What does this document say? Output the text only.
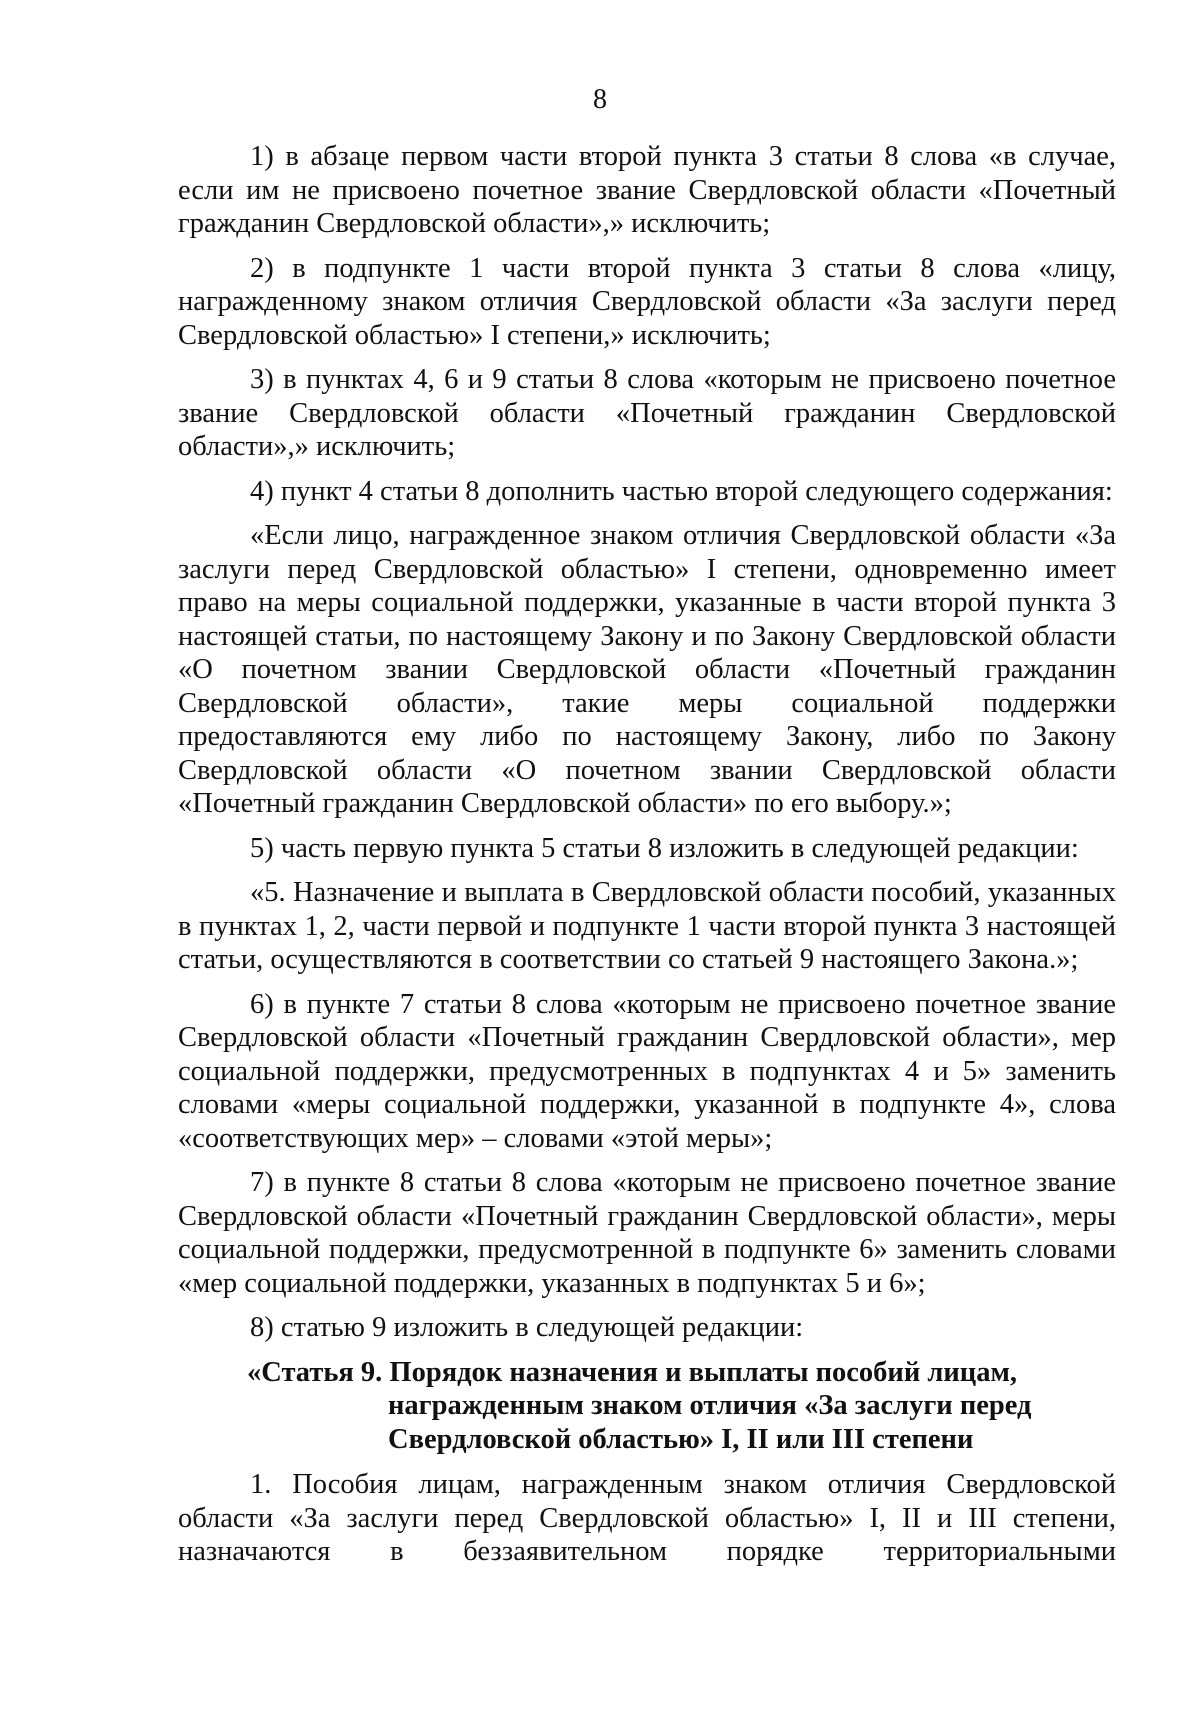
8

1) в абзаце первом части второй пункта 3 статьи 8 слова «в случае, если им не присвоено почетное звание Свердловской области «Почетный гражданин Свердловской области»,» исключить;

2) в подпункте 1 части второй пункта 3 статьи 8 слова «лицу, награжденному знаком отличия Свердловской области «За заслуги перед Свердловской областью» I степени,» исключить;

3) в пунктах 4, 6 и 9 статьи 8 слова «которым не присвоено почетное звание Свердловской области «Почетный гражданин Свердловской области»,» исключить;

4) пункт 4 статьи 8 дополнить частью второй следующего содержания:

«Если лицо, награжденное знаком отличия Свердловской области «За заслуги перед Свердловской областью» I степени, одновременно имеет право на меры социальной поддержки, указанные в части второй пункта 3 настоящей статьи, по настоящему Закону и по Закону Свердловской области «О почетном звании Свердловской области «Почетный гражданин Свердловской области», такие меры социальной поддержки предоставляются ему либо по настоящему Закону, либо по Закону Свердловской области «О почетном звании Свердловской области «Почетный гражданин Свердловской области» по его выбору.»;

5) часть первую пункта 5 статьи 8 изложить в следующей редакции:

«5. Назначение и выплата в Свердловской области пособий, указанных в пунктах 1, 2, части первой и подпункте 1 части второй пункта 3 настоящей статьи, осуществляются в соответствии со статьей 9 настоящего Закона.»;

6) в пункте 7 статьи 8 слова «которым не присвоено почетное звание Свердловской области «Почетный гражданин Свердловской области», мер социальной поддержки, предусмотренных в подпунктах 4 и 5» заменить словами «меры социальной поддержки, указанной в подпункте 4», слова «соответствующих мер» – словами «этой меры»;

7) в пункте 8 статьи 8 слова «которым не присвоено почетное звание Свердловской области «Почетный гражданин Свердловской области», меры социальной поддержки, предусмотренной в подпункте 6» заменить словами «мер социальной поддержки, указанных в подпунктах 5 и 6»;

8) статью 9 изложить в следующей редакции:

«Статья 9. Порядок назначения и выплаты пособий лицам,
награжденным знаком отличия «За заслуги перед
Свердловской областью» I, II или III степени

1. Пособия лицам, награжденным знаком отличия Свердловской области «За заслуги перед Свердловской областью» I, II и III степени, назначаются в беззаявительном порядке территориальными
